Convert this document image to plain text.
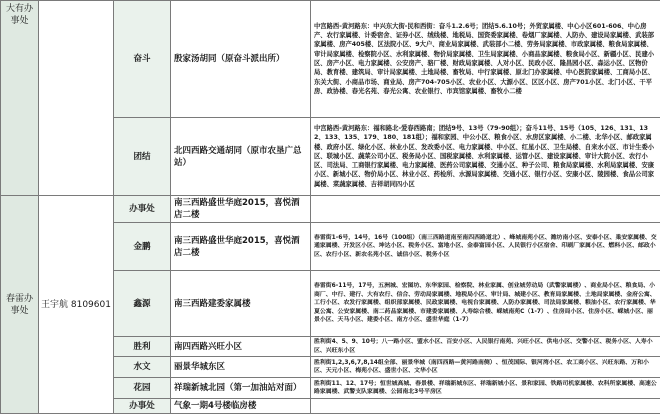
大有办事处		奋斗	殷家汤胡同（原奋斗派出所）	中宫路西-黄河路东：中兴东大街-民和西街：奋斗1.2.6号；团结5.6.10号；外贸家属楼、中心小区601-606、中心房产、农行家属楼、计委宿舍、证券小区、绒线楼、地税局、国资委家属楼、卷烟厂家属楼、人防办、建设局家属楼、武装部家属楼、房产405楼、区法院小区、9大户、商业局家属楼、武装部小二楼、劳务局家属楼、市政家属楼、粮食局家属楼、审计局家属楼、检察院小区、水利家属楼、物价局家属楼、卫生局家属楼、小商品家属楼、粮食局小区、新疆小区、民建小区、房产小区、电力家属楼、公安房产、骆厂楼、财政局家属楼、人对小区、民政小区、隆昌园小区、森运小区、区物价局、教育楼、建筑局、审计局家属楼、土地局楼、畜牧局、中行家属楼、原北门办家属楼、中心医院家属楼、工商局小区、东关大街、小商品市场、商业局、房产704-705小区、农业小区、大源小区、区区小区、房产701小区、北门小区、干平房、政协楼、春光名苑、春光公寓、农业银行、市宾馆家属楼、畜牧小二楼
		团结	北四西路交通胡同（原市农垦广总站）	中宫路西-黄河路东：福和路北-爱春西路南；团结9号、13号（79-90组）；奋斗11号、15号（105、126、131、132、133、135、179、180、181组）；福和家园、中公小区、粮食小区、水房区家属楼、小二楼、北华小区、邮政家属楼、政府小区、绿化小区、林业小区、发改委小区、电力家属楼、中小区、红星小区、卫生局楼、自来水小区、市计生委小区、联城小区、蔬菜公司小区、税务局小区、国税家属楼、水利家属楼、运管小区、建设家属楼、审计大院小区、农行小区、司法局、工商银行家属楼、电力家属楼、医药公司家属楼、交通小区、种子公司、粮食局家属楼、水利局家属楼、安康小区、新城小区、物价局小区、林业小区、药检所、水源局家属楼、交通小区、银行小区、安康小区、陵园楼、食品公司家属楼、菜蔬家属楼、吉祥胡同四小区

春雷办事处	王宇航 8109601	办事处	南三西路盛世华庭2015，喜悦酒店二楼	
		金鹏	南三西路盛世华庭2015，喜悦酒店二楼	春雷街1-6号，14号，16号（100组）（南三西路道南至南四西路道北）、峰城南苑小区、潍坊南小区、安泰小区、巢安家属楼、交通家属楼、开发区小区、坤达小区、税务小区、富地小区、金泰富园小区、人民银行小区宿舍、印刷厂家属小区、燃料小区、邮政小区、农行小区、新农名苑小区、诚信小区、税务小区
		鑫源	南三西路建委家属楼	春雷街6-11号，17号，五洲城、宏图坊、东华家园、检察院、林业家属、创业城劳动局（武警家属楼）、商业局小区、粮食局、小商厂、中行、建行、大有农行、信合、劳动局家属楼、地税局小区、审计局、城建小区、教育局家属楼、土地局家属楼、金府公寓、工行小区、农发行家属楼、组织部家属楼、民政家属楼、电视台家属楼、人防办家属楼、司法局家属楼、粮油小区、农行家属楼、华夏公寓、公安家属楼、南二药品家属楼、市建委家属楼、人寿综合楼、嵘城南苑C（1-7）、住房局小区、住房小区、嵘城小区、丽景小区、天马小区、建委小区、南方小区、盛世华庭（1-7）
		胜利	南四西路兴旺小区	胜利街4、5、9、10号；八一路小区、盟水小区、百安小区、人民银行南苑、兴旺小区、供电小区、交警小区、税务小区、人寿小区、兴旺东小区
		水文	丽景华城东区	胜利街1,2,3,6,7,8,14组全部、丽景华城（南四西路—黄河路南侧）、恒茂国际、银河湾小区、农工商小区、兴旺东路、万和小区、天元小区、梅苑小区、盛世小区、文华小区
		花园	祥瑞新城北园（第一加油站对面）	胜利街11、12、17号；恒世城高城、春景楼、祥瑞新城东区、祥瑞新城小区、景和家园、铁路司机家属楼、农科所家属楼、高速公路家属楼、武警支队家属楼、公园南北3号平房区
		办事处	气象一期4号楼临房楼	
